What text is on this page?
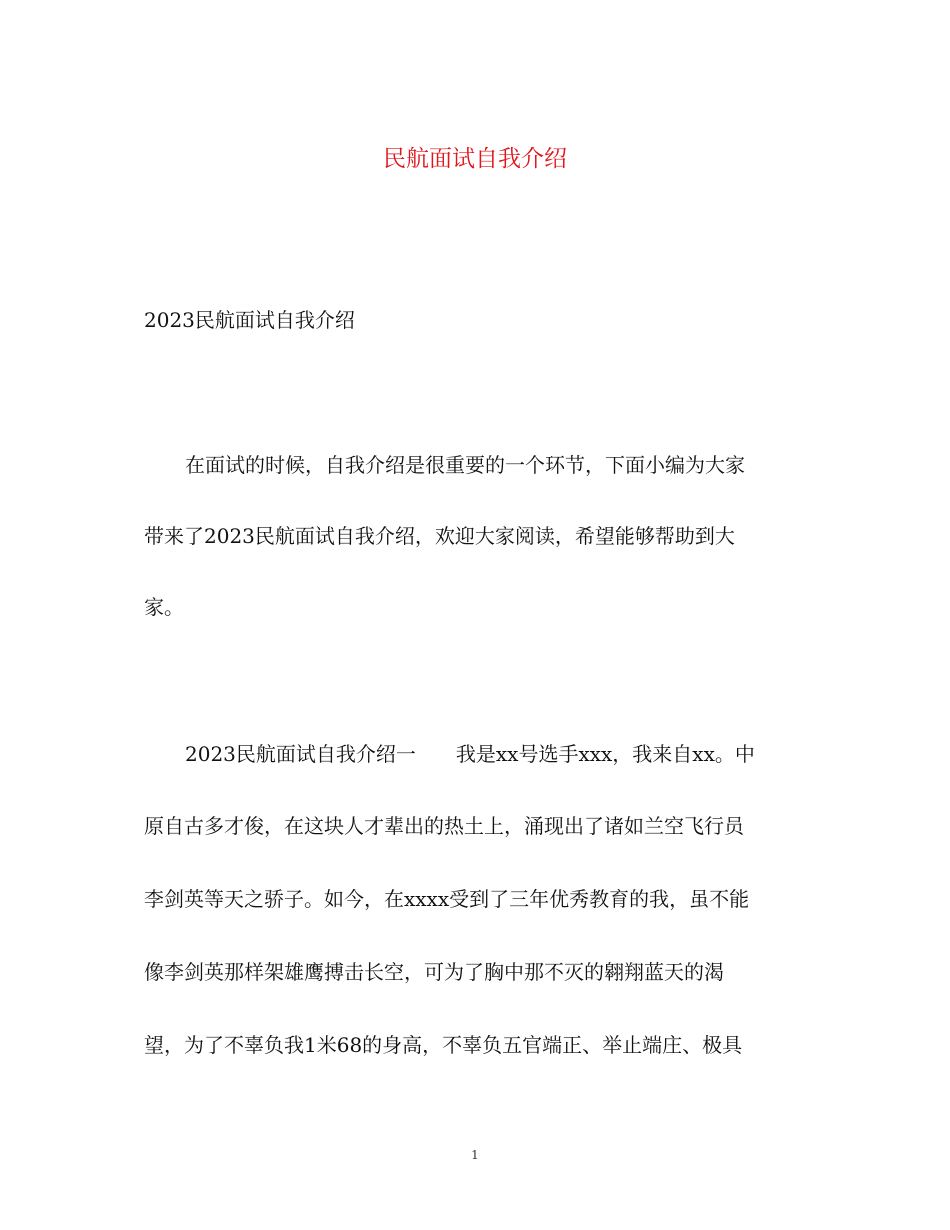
民航面试自我介绍
2023民航面试自我介绍
在面试的时候，自我介绍是很重要的一个环节，下面小编为大家
带来了2023民航面试自我介绍，欢迎大家阅读，希望能够帮助到大
家。
2023民航面试自我介绍一　　我是xx号选手xxx，我来自xx。中
原自古多才俊，在这块人才辈出的热土上，涌现出了诸如兰空飞行员
李剑英等天之骄子。如今，在xxxx受到了三年优秀教育的我，虽不能
像李剑英那样架雄鹰搏击长空，可为了胸中那不灭的翱翔蓝天的渴
望，为了不辜负我1米68的身高，不辜负五官端正、举止端庄、极具
1
